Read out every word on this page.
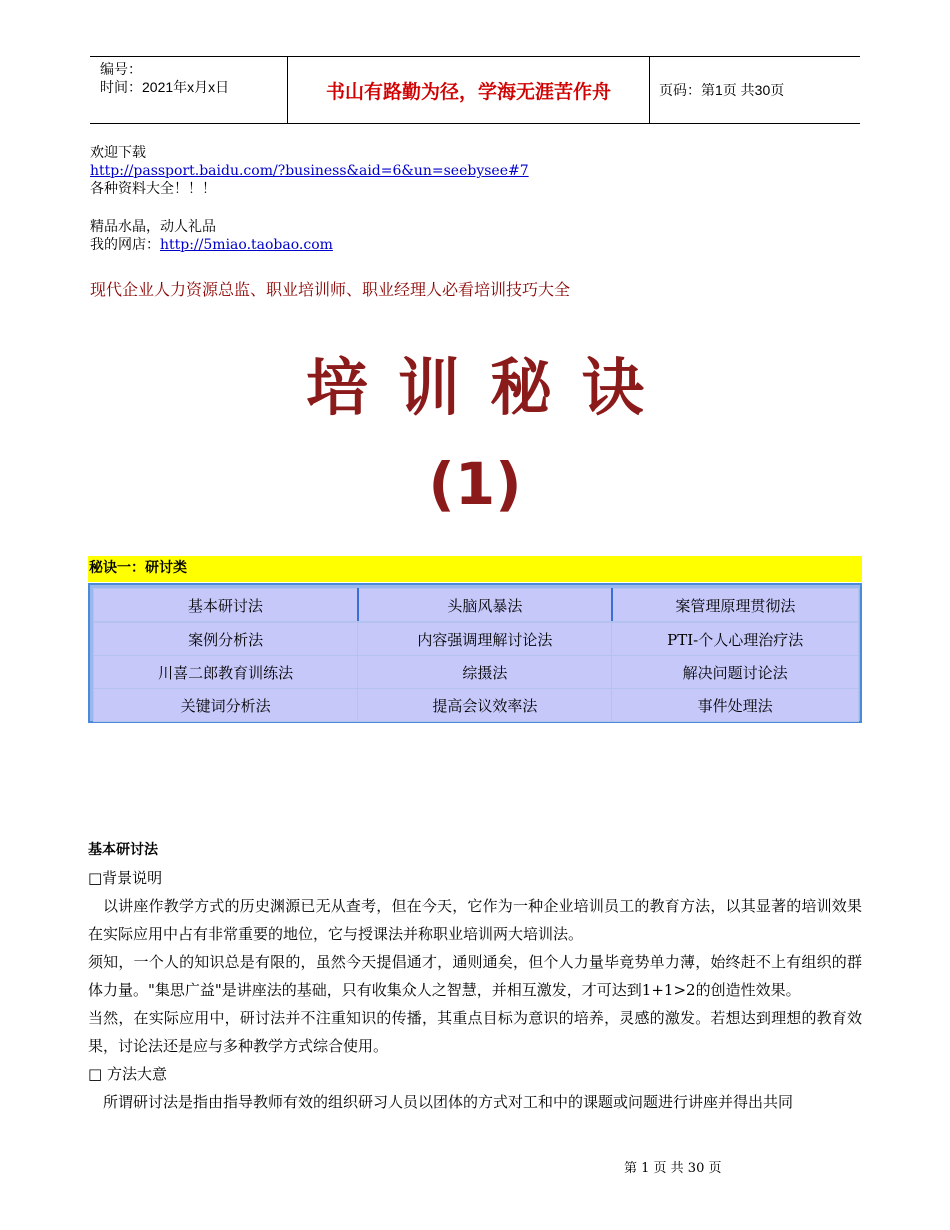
编号：
时间：2021年x月x日	书山有路勤为径，学海无涯苦作舟	页码：第1页 共30页
欢迎下载
http://passport.baidu.com/?business&aid=6&un=seebysee#7
各种资料大全！！！
精品水晶，动人礼品
我的网店：http://5miao.taobao.com
现代企业人力资源总监、职业培训师、职业经理人必看培训技巧大全
培训秘诀
(1)
秘诀一：研讨类
基本研讨法	头脑风暴法	案管理原理贯彻法
案例分析法	内容强调理解讨论法	PTI-个人心理治疗法
川喜二郎教育训练法	综摄法	解决问题讨论法
关键词分析法	提高会议效率法	事件处理法
基本研讨法
□背景说明

以讲座作教学方式的历史渊源已无从查考，但在今天，它作为一种企业培训员工的教育方法，以其显著的培训效果在实际应用中占有非常重要的地位，它与授课法并称职业培训两大培训法。

须知，一个人的知识总是有限的，虽然今天提倡通才，通则通矣，但个人力量毕竟势单力薄，始终赶不上有组织的群体力量。"集思广益"是讲座法的基础，只有收集众人之智慧，并相互激发，才可达到1+1>2的创造性效果。

当然，在实际应用中，研讨法并不注重知识的传播，其重点目标为意识的培养，灵感的激发。若想达到理想的教育效果，讨论法还是应与多种教学方式综合使用。

□ 方法大意

所谓研讨法是指由指导教师有效的组织研习人员以团体的方式对工和中的课题或问题进行讲座并得出共同

第 1 页 共 30 页
